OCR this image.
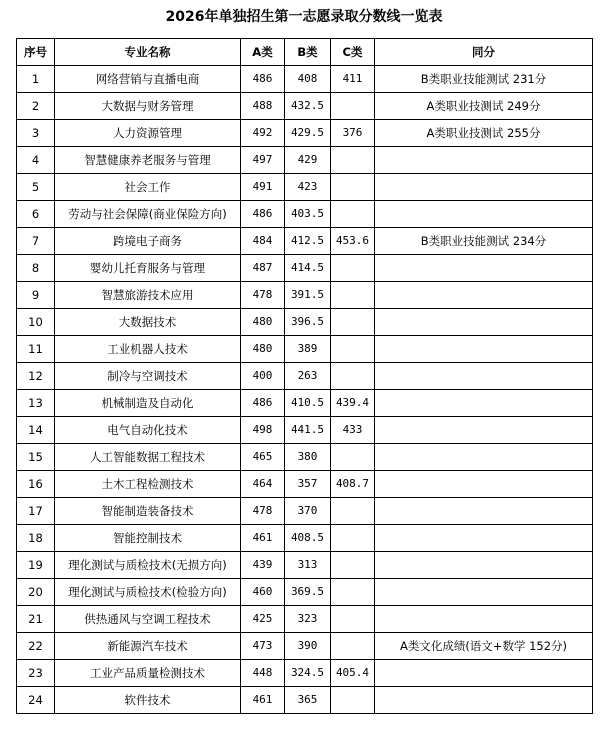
2026年单独招生第一志愿录取分数线一览表
序号	专业名称	A类	B类	C类	同分
1	网络营销与直播电商	486	408	411	B类职业技能测试 231分
2	大数据与财务管理	488	432.5		A类职业技测试 249分
3	人力资源管理	492	429.5	376	A类职业技测试 255分
4	智慧健康养老服务与管理	497	429		
5	社会工作	491	423		
6	劳动与社会保障(商业保险方向)	486	403.5		
7	跨境电子商务	484	412.5	453.6	B类职业技能测试 234分
8	婴幼儿托育服务与管理	487	414.5		
9	智慧旅游技术应用	478	391.5		
10	大数据技术	480	396.5		
11	工业机器人技术	480	389		
12	制冷与空调技术	400	263		
13	机械制造及自动化	486	410.5	439.4	
14	电气自动化技术	498	441.5	433	
15	人工智能数据工程技术	465	380		
16	土木工程检测技术	464	357	408.7	
17	智能制造装备技术	478	370		
18	智能控制技术	461	408.5		
19	理化测试与质检技术(无损方向)	439	313		
20	理化测试与质检技术(检验方向)	460	369.5		
21	供热通风与空调工程技术	425	323		
22	新能源汽车技术	473	390		A类文化成绩(语文+数学 152分)
23	工业产品质量检测技术	448	324.5	405.4	
24	软件技术	461	365		
